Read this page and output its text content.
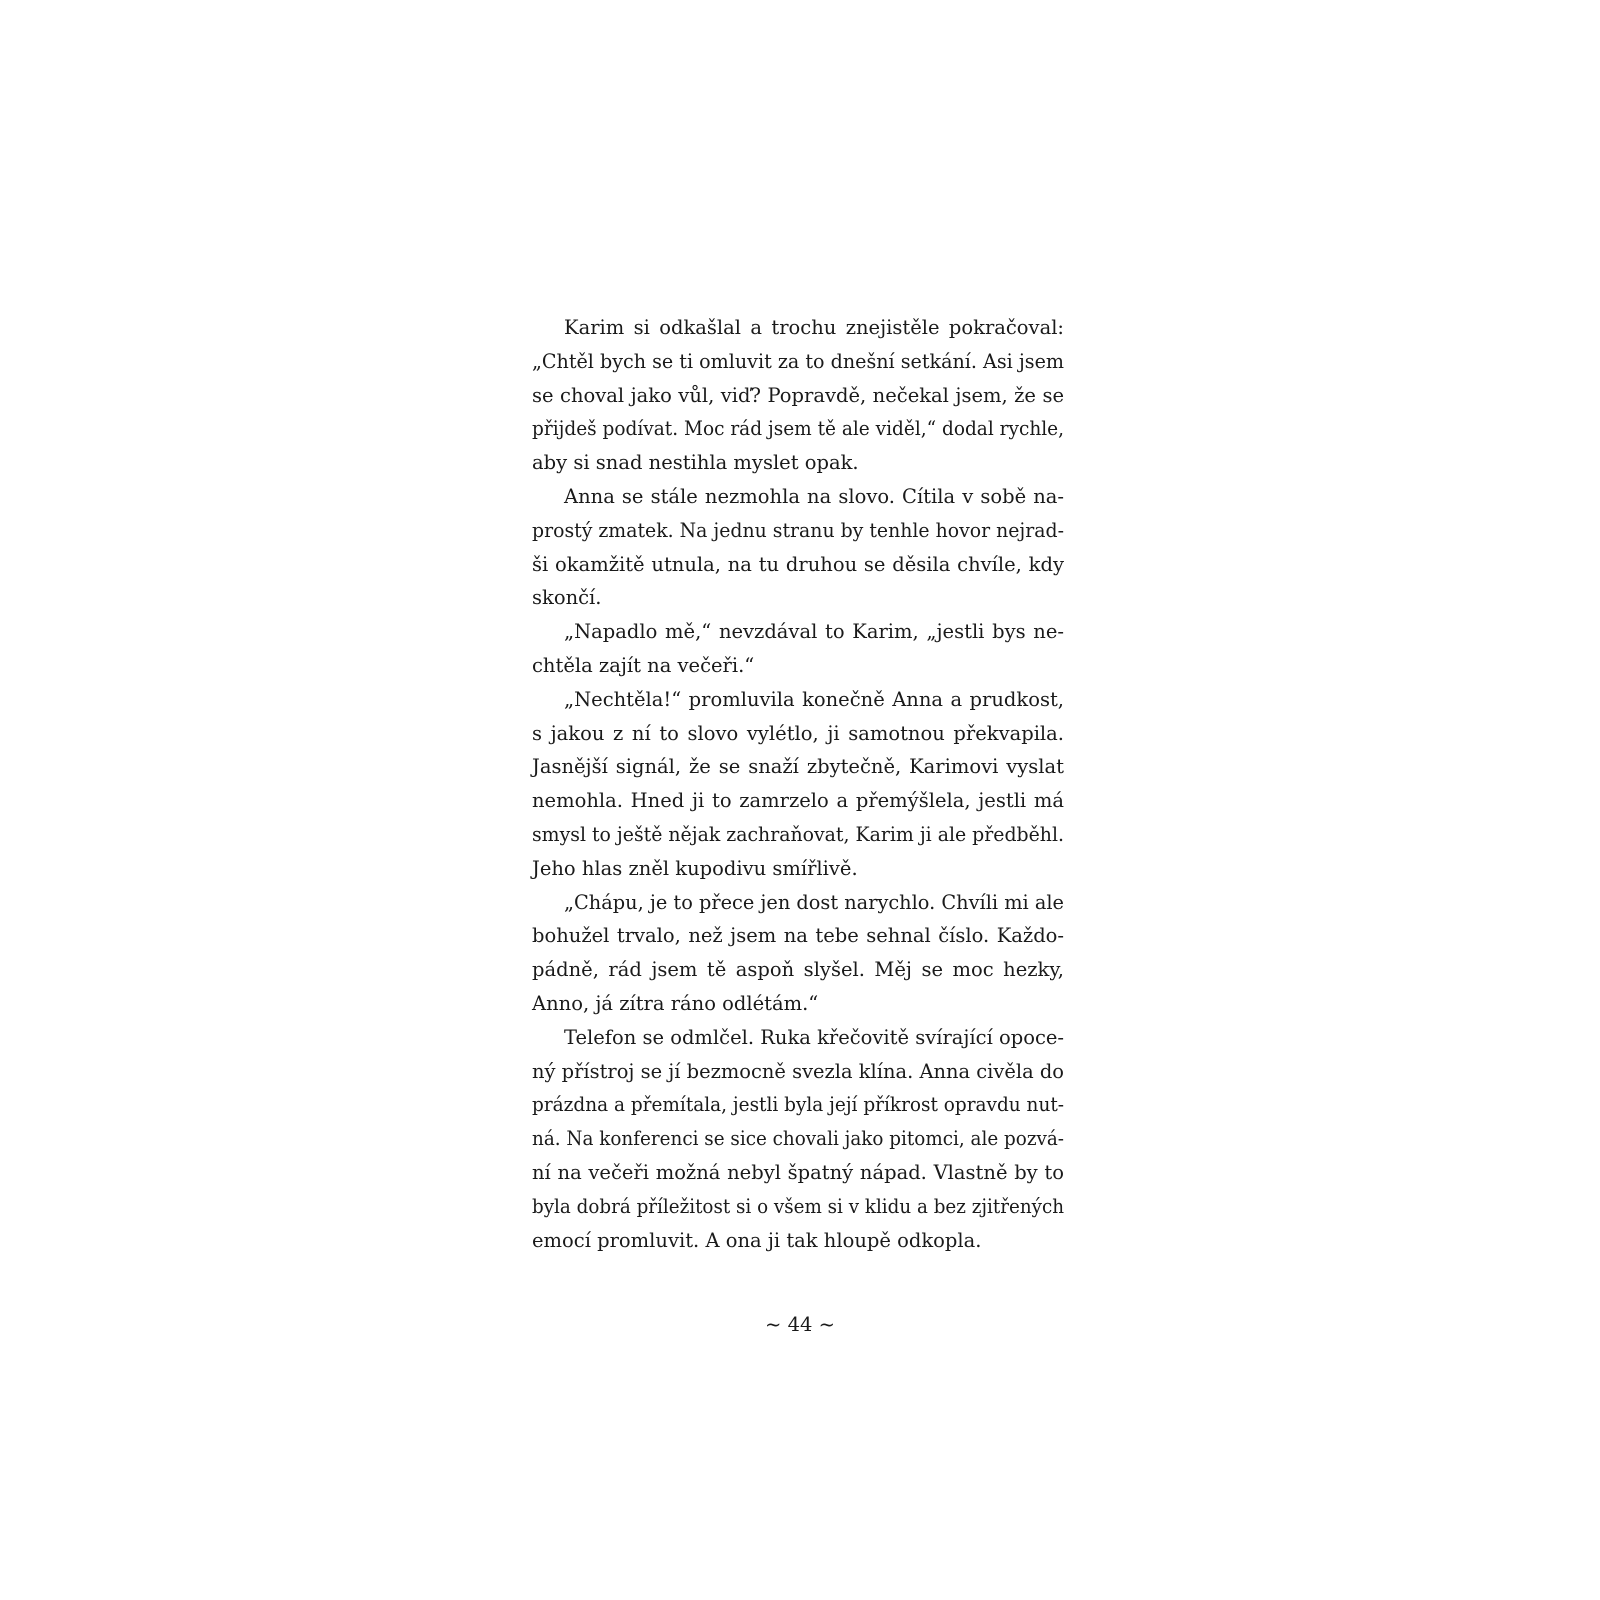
Karim si odkašlal a trochu znejistěle pokračoval:
„Chtěl bych se ti omluvit za to dnešní setkání. Asi jsem
se choval jako vůl, viď? Popravdě, nečekal jsem, že se
přijdeš podívat. Moc rád jsem tě ale viděl,“ dodal rychle,
aby si snad nestihla myslet opak.
Anna se stále nezmohla na slovo. Cítila v sobě na-
prostý zmatek. Na jednu stranu by tenhle hovor nejrad-
ši okamžitě utnula, na tu druhou se děsila chvíle, kdy
skončí.
„Napadlo mě,“ nevzdával to Karim, „jestli bys ne-
chtěla zajít na večeři.“
„Nechtěla!“ promluvila konečně Anna a prudkost,
s jakou z ní to slovo vylétlo, ji samotnou překvapila.
Jasnější signál, že se snaží zbytečně, Karimovi vyslat
nemohla. Hned ji to zamrzelo a přemýšlela, jestli má
smysl to ještě nějak zachraňovat, Karim ji ale předběhl.
Jeho hlas zněl kupodivu smířlivě.
„Chápu, je to přece jen dost narychlo. Chvíli mi ale
bohužel trvalo, než jsem na tebe sehnal číslo. Každo-
pádně, rád jsem tě aspoň slyšel. Měj se moc hezky,
Anno, já zítra ráno odlétám.“
Telefon se odmlčel. Ruka křečovitě svírající opoce-
ný přístroj se jí bezmocně svezla klína. Anna civěla do
prázdna a přemítala, jestli byla její příkrost opravdu nut-
ná. Na konferenci se sice chovali jako pitomci, ale pozvá-
ní na večeři možná nebyl špatný nápad. Vlastně by to
byla dobrá příležitost si o všem si v klidu a bez zjitřených
emocí promluvit. A ona ji tak hloupě odkopla.
~ 44 ~
